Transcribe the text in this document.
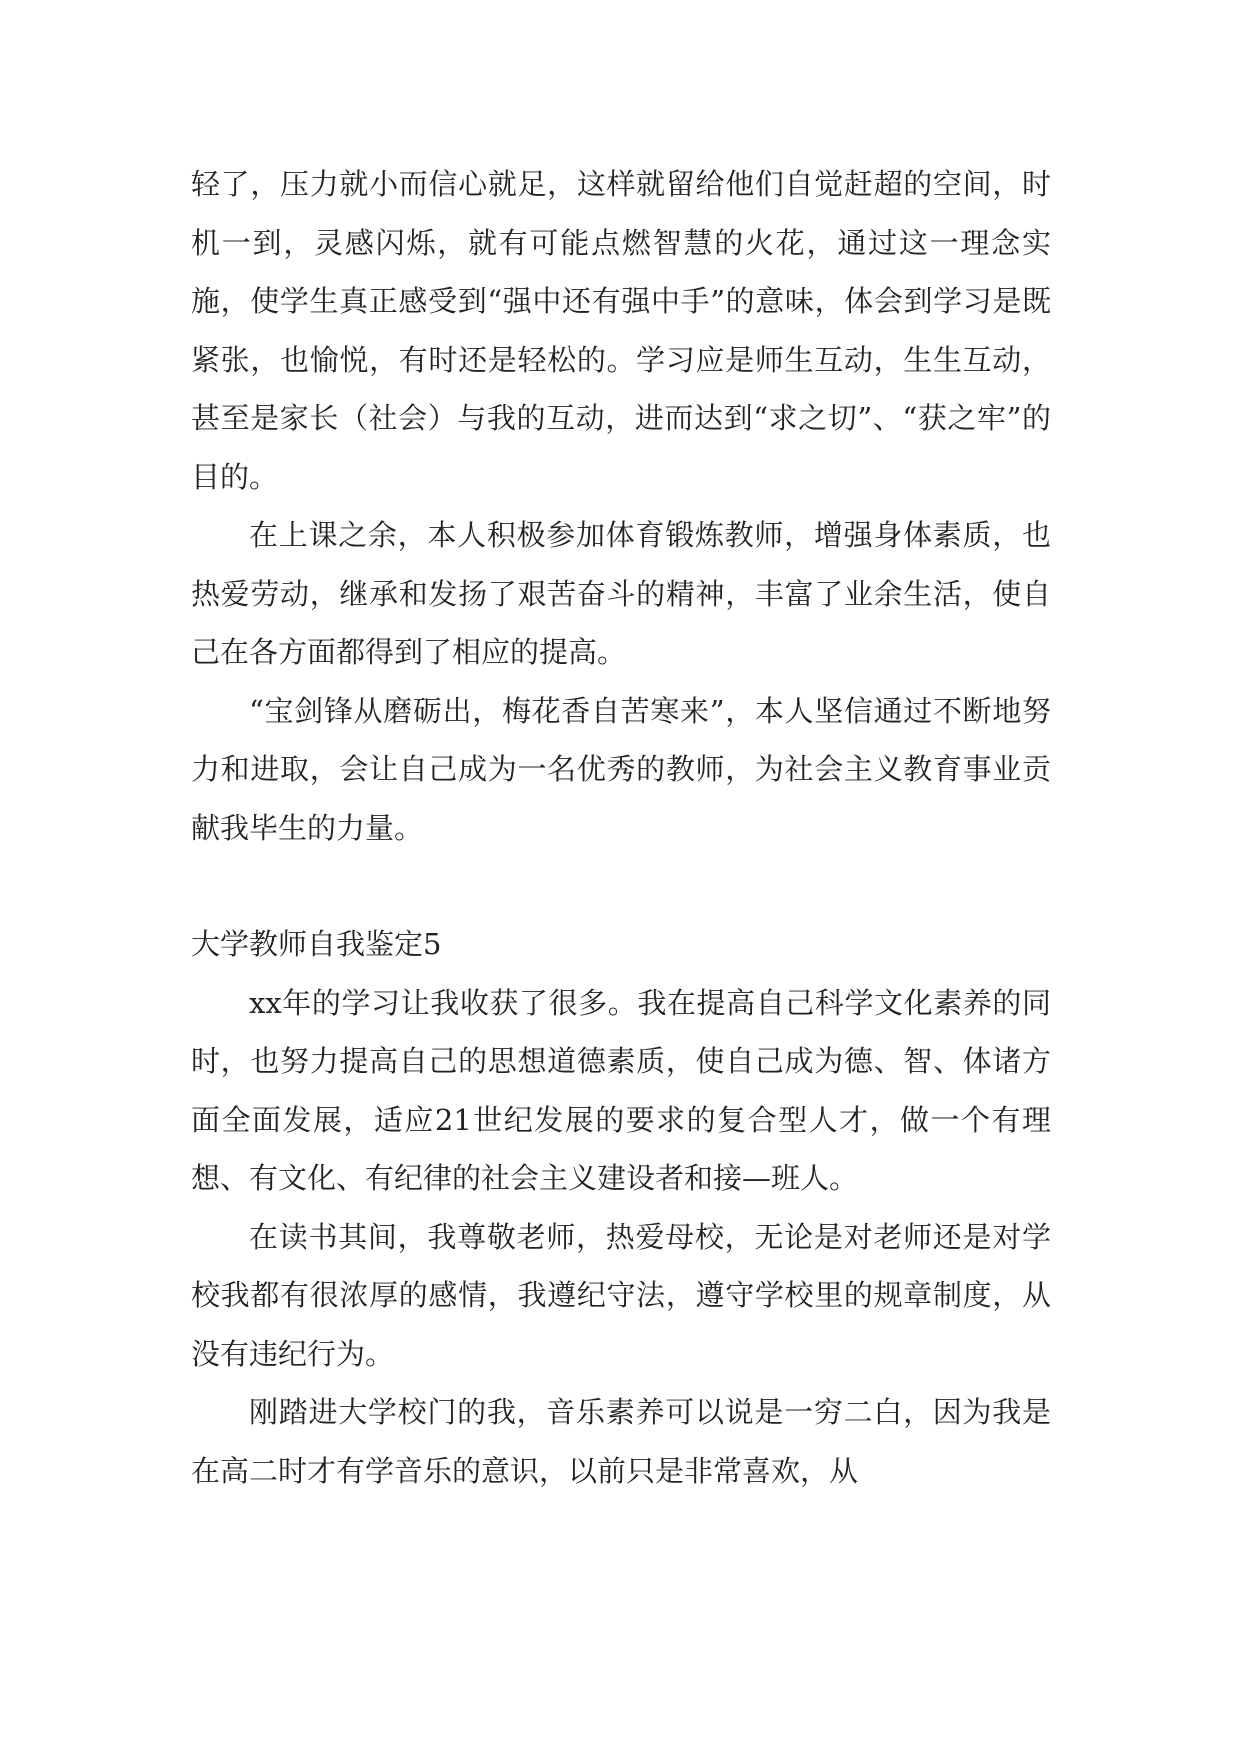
轻了，压力就小而信心就足，这样就留给他们自觉赶超的空间，时机一到，灵感闪烁，就有可能点燃智慧的火花，通过这一理念实施，使学生真正感受到“强中还有强中手”的意味，体会到学习是既紧张，也愉悦，有时还是轻松的。学习应是师生互动，生生互动，甚至是家长（社会）与我的互动，进而达到“求之切”、“获之牢”的目的。

在上课之余，本人积极参加体育锻炼教师，增强身体素质，也热爱劳动，继承和发扬了艰苦奋斗的精神，丰富了业余生活，使自己在各方面都得到了相应的提高。

“宝剑锋从磨砺出，梅花香自苦寒来”，本人坚信通过不断地努力和进取，会让自己成为一名优秀的教师，为社会主义教育事业贡献我毕生的力量。

大学教师自我鉴定5

xx年的学习让我收获了很多。我在提高自己科学文化素养的同时，也努力提高自己的思想道德素质，使自己成为德、智、体诸方面全面发展，适应21世纪发展的要求的复合型人才，做一个有理想、有文化、有纪律的社会主义建设者和接—班人。

在读书其间，我尊敬老师，热爱母校，无论是对老师还是对学校我都有很浓厚的感情，我遵纪守法，遵守学校里的规章制度，从没有违纪行为。

刚踏进大学校门的我，音乐素养可以说是一穷二白，因为我是在高二时才有学音乐的意识，以前只是非常喜欢，从
